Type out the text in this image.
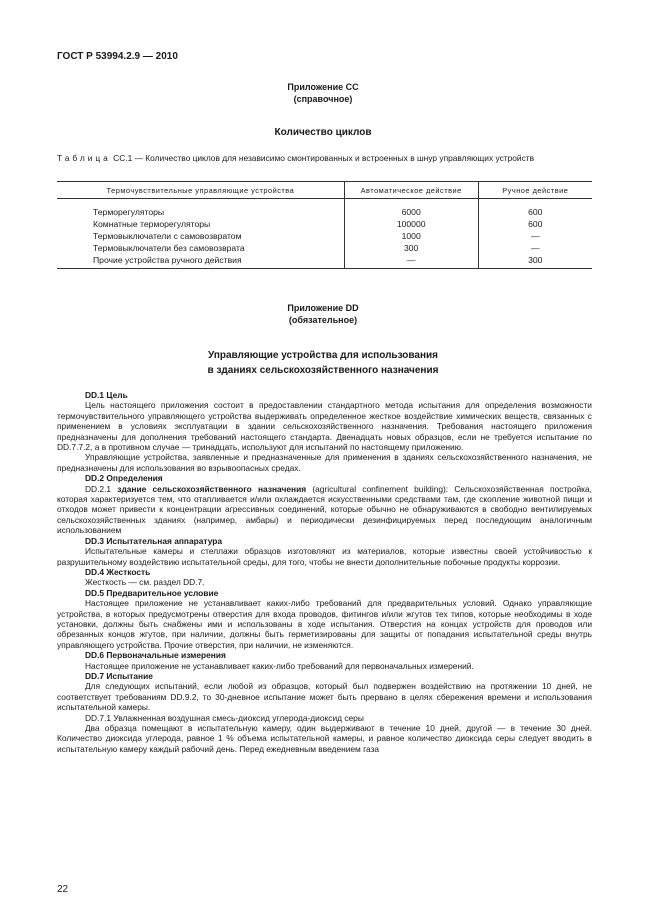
ГОСТ Р 53994.2.9 — 2010
Приложение СС
(справочное)
Количество циклов
Таблица СС.1 — Количество циклов для независимо смонтированных и встроенных в шнур управляющих устройств
Термочувствительные управляющие устройства	Автоматическое действие	Ручное действие
Терморегуляторы	6000	600
Комнатные терморегуляторы	100000	600
Термовыключатели с самовозвратом	1000	—
Термовыключатели без самовозврата	300	—
Прочие устройства ручного действия	—	300
Приложение DD
(обязательное)
Управляющие устройства для использования
в зданиях сельскохозяйственного назначения

DD.1 Цель

Цель настоящего приложения состоит в предоставлении стандартного метода испытания для определения возможности термочувствительного управляющего устройства выдерживать определенное жесткое воздействие химических веществ, связанных с применением в условиях эксплуатации в здании сельскохозяйственного назначения. Требования настоящего приложения предназначены для дополнения требований настоящего стандарта. Двенадцать новых образцов, если не требуется испытание по DD.7.7.2, а в противном случае — тринадцать, используют для испытаний по настоящему приложению.

Управляющие устройства, заявленные и предназначенные для применения в зданиях сельскохозяйственного назначения, не предназначены для использования во взрывоопасных средах.

DD.2 Определения

DD.2.1 здание сельскохозяйственного назначения (agricultural confinement building): Сельскохозяйственная постройка, которая характеризуется тем, что отапливается и/или охлаждается искусственными средствами там, где скопление животной пищи и отходов может привести к концентрации агрессивных соединений, которые обычно не обнаруживаются в свободно вентилируемых сельскохозяйственных зданиях (например, амбары) и периодически дезинфицируемых перед последующим аналогичным использованием

DD.3 Испытательная аппаратура

Испытательные камеры и стеллажи образцов изготовляют из материалов, которые известны своей устойчивостью к разрушительному воздействию испытательной среды, для того, чтобы не внести дополнительные побочные продукты коррозии.

DD.4 Жесткость

Жесткость — см. раздел DD.7.

DD.5 Предварительное условие

Настоящее приложение не устанавливает каких-либо требований для предварительных условий. Однако управляющие устройства, в которых предусмотрены отверстия для входа проводов, фитингов и/или жгутов тех типов, которые необходимы в ходе установки, должны быть снабжены ими и использованы в ходе испытания. Отверстия на концах устройств для проводов или обрезанных концов жгутов, при наличии, должны быть герметизированы для защиты от попадания испытательной среды внутрь управляющего устройства. Прочие отверстия, при наличии, не изменяются.

DD.6 Первоначальные измерения

Настоящее приложение не устанавливает каких-либо требований для первоначальных измерений.

DD.7 Испытание

Для следующих испытаний, если любой из образцов, который был подвержен воздействию на протяжении 10 дней, не соответствует требованиям DD.9.2, то 30-дневное испытание может быть прервано в целях сбережения времени и использования испытательной камеры.

DD.7.1 Увлажненная воздушная смесь-диоксид углерода-диоксид серы

Два образца помещают в испытательную камеру, один выдерживают в течение 10 дней, другой — в течение 30 дней. Количество диоксида углерода, равное 1 % объема испытательной камеры, и равное количество диоксида серы следует вводить в испытательную камеру каждый рабочий день. Перед ежедневным введением газа

22
